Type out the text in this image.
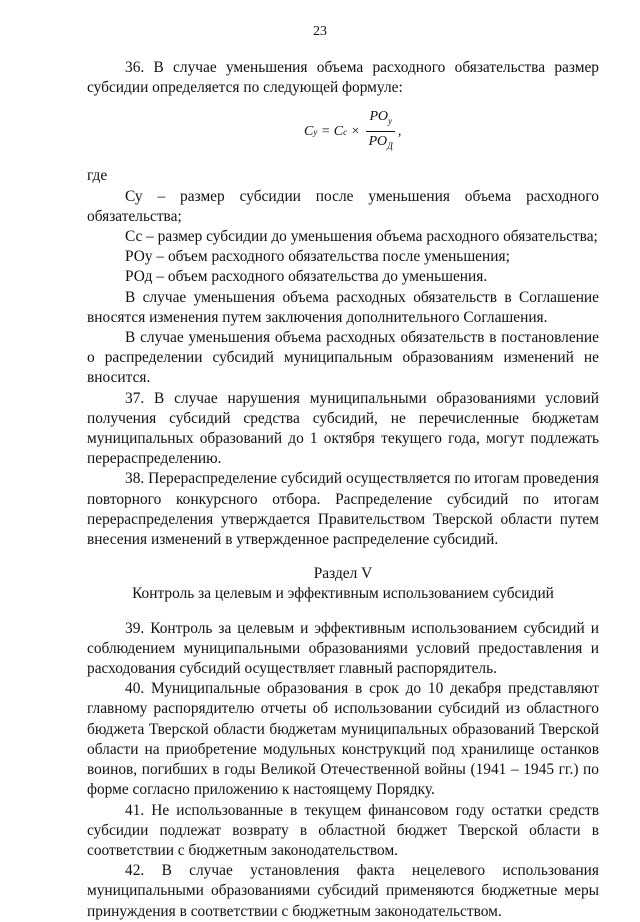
23

36. В случае уменьшения объема расходного обязательства размер субсидии определяется по следующей формуле:

С у = С $с \times \frac{РО_у}{РО_Д}$ ,

где

Су – размер субсидии после уменьшения объема расходного обязательства;

Сс – размер субсидии до уменьшения объема расходного обязательства;

РОу – объем расходного обязательства после уменьшения;

РОд – объем расходного обязательства до уменьшения.

В случае уменьшения объема расходных обязательств в Соглашение вносятся изменения путем заключения дополнительного Соглашения.

В случае уменьшения объема расходных обязательств в постановление о распределении субсидий муниципальным образованиям изменений не вносится.

37. В случае нарушения муниципальными образованиями условий получения субсидий средства субсидий, не перечисленные бюджетам муниципальных образований до 1 октября текущего года, могут подлежать перераспределению.

38. Перераспределение субсидий осуществляется по итогам проведения повторного конкурсного отбора. Распределение субсидий по итогам перераспределения утверждается Правительством Тверской области путем внесения изменений в утвержденное распределение субсидий.

Раздел V

Контроль за целевым и эффективным использованием субсидий

39. Контроль за целевым и эффективным использованием субсидий и соблюдением муниципальными образованиями условий предоставления и расходования субсидий осуществляет главный распорядитель.

40. Муниципальные образования в срок до 10 декабря представляют главному распорядителю отчеты об использовании субсидий из областного бюджета Тверской области бюджетам муниципальных образований Тверской области на приобретение модульных конструкций под хранилище останков воинов, погибших в годы Великой Отечественной войны (1941 – 1945 гг.) по форме согласно приложению к настоящему Порядку.

41. Не использованные в текущем финансовом году остатки средств субсидии подлежат возврату в областной бюджет Тверской области в соответствии с бюджетным законодательством.

42. В случае установления факта нецелевого использования муниципальными образованиями субсидий применяются бюджетные меры принуждения в соответствии с бюджетным законодательством.
